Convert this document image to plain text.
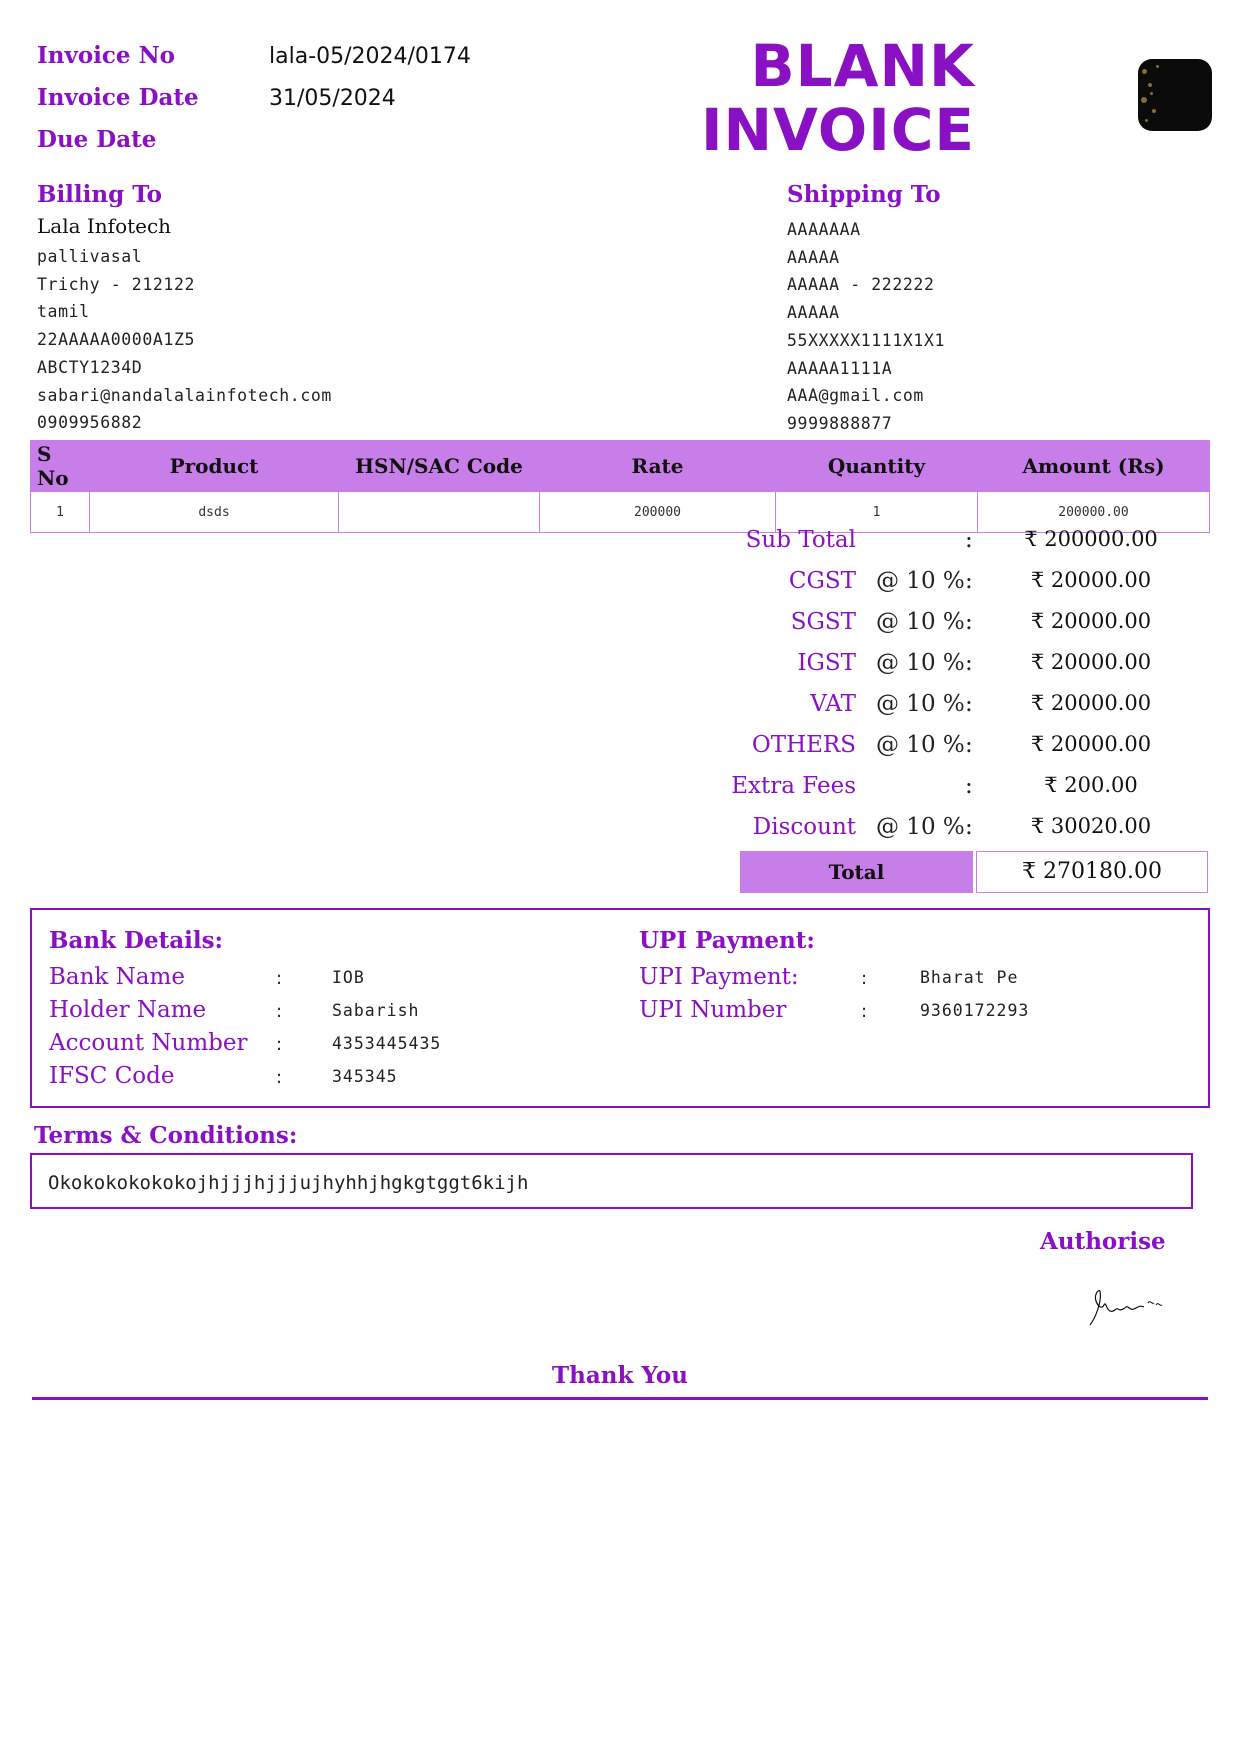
Invoice No	lala-05/2024/0174
Invoice Date	31/05/2024
Due Date
BLANK
INVOICE
Billing To
Lala Infotech
pallivasal
Trichy - 212122
tamil
22AAAAA0000A1Z5
ABCTY1234D
sabari@nandalalainfotech.com
0909956882
Shipping To
AAAAAAA
AAAAA
AAAAA - 222222
AAAAA
55XXXXX1111X1X1
AAAAA1111A
AAA@gmail.com
9999888877
S No	Product	HSN/SAC Code	Rate	Quantity	Amount (Rs)
1	dsds		200000	1	200000.00
Sub Total	:	₹ 200000.00
CGST @ 10 % :	₹ 20000.00
SGST @ 10 % :	₹ 20000.00
IGST @ 10 % :	₹ 20000.00
VAT @ 10 % :	₹ 20000.00
OTHERS @ 10 % :	₹ 20000.00
Extra Fees	:	₹ 200.00
Discount @ 10 % :	₹ 30020.00
Total	₹ 270180.00
Bank Details:
Bank Name	:	IOB
Holder Name	:	Sabarish
Account Number :	4353445435
IFSC Code	:	345345
UPI Payment:
UPI Payment:	:	Bharat Pe
UPI Number	:	9360172293
Terms & Conditions:
Okokokokokokojhjjjhjjjujhyhhjhgkgtggt6kijh
Authorise
Thank You
